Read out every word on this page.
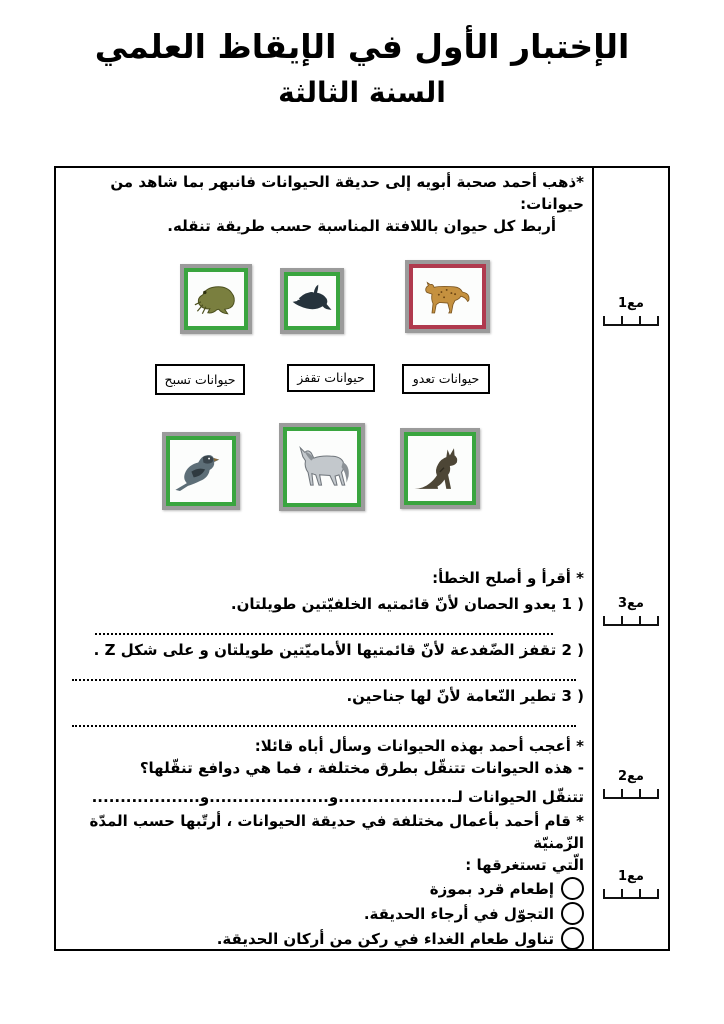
الإختبار الأول في الإيقاظ العلمي
السنة الثالثة
مع1
مع3
مع2
مع1

*ذهب أحمد صحبة أبويه إلى حديقة الحيوانات فانبهر بما شاهد من حيوانات:

أربط كل حيوان باللافتة المناسبة حسب طريقة تنقله.

حيوانات تسبح	حيوانات تقفز	حيوانات تعدو

* أقرأ و أصلح الخطأ:

1 ) يعدو الحصان لأنّ قائمتيه الخلفيّتين طويلتان.

2 ) تقفز الضّفدعة لأنّ قائمتيها الأماميّتين طويلتان و على شكل Z .

3 ) تطير النّعامة لأنّ لها جناحين.

* أعجب أحمد بهذه الحيوانات وسأل أباه قائلا:

- هذه الحيوانات تتنقّل بطرق مختلفة ، فما هي دوافع تنقّلها؟

تتنقّل الحيوانات لـ....................و.....................و...................

* قام أحمد بأعمال مختلفة في حديقة الحيوانات ، أرتّبها حسب المدّة الزّمنيّة

الّتي تستغرقها :

إطعام قرد بموزة
التجوّل في أرجاء الحديقة.
تناول طعام الغداء في ركن من أركان الحديقة.
